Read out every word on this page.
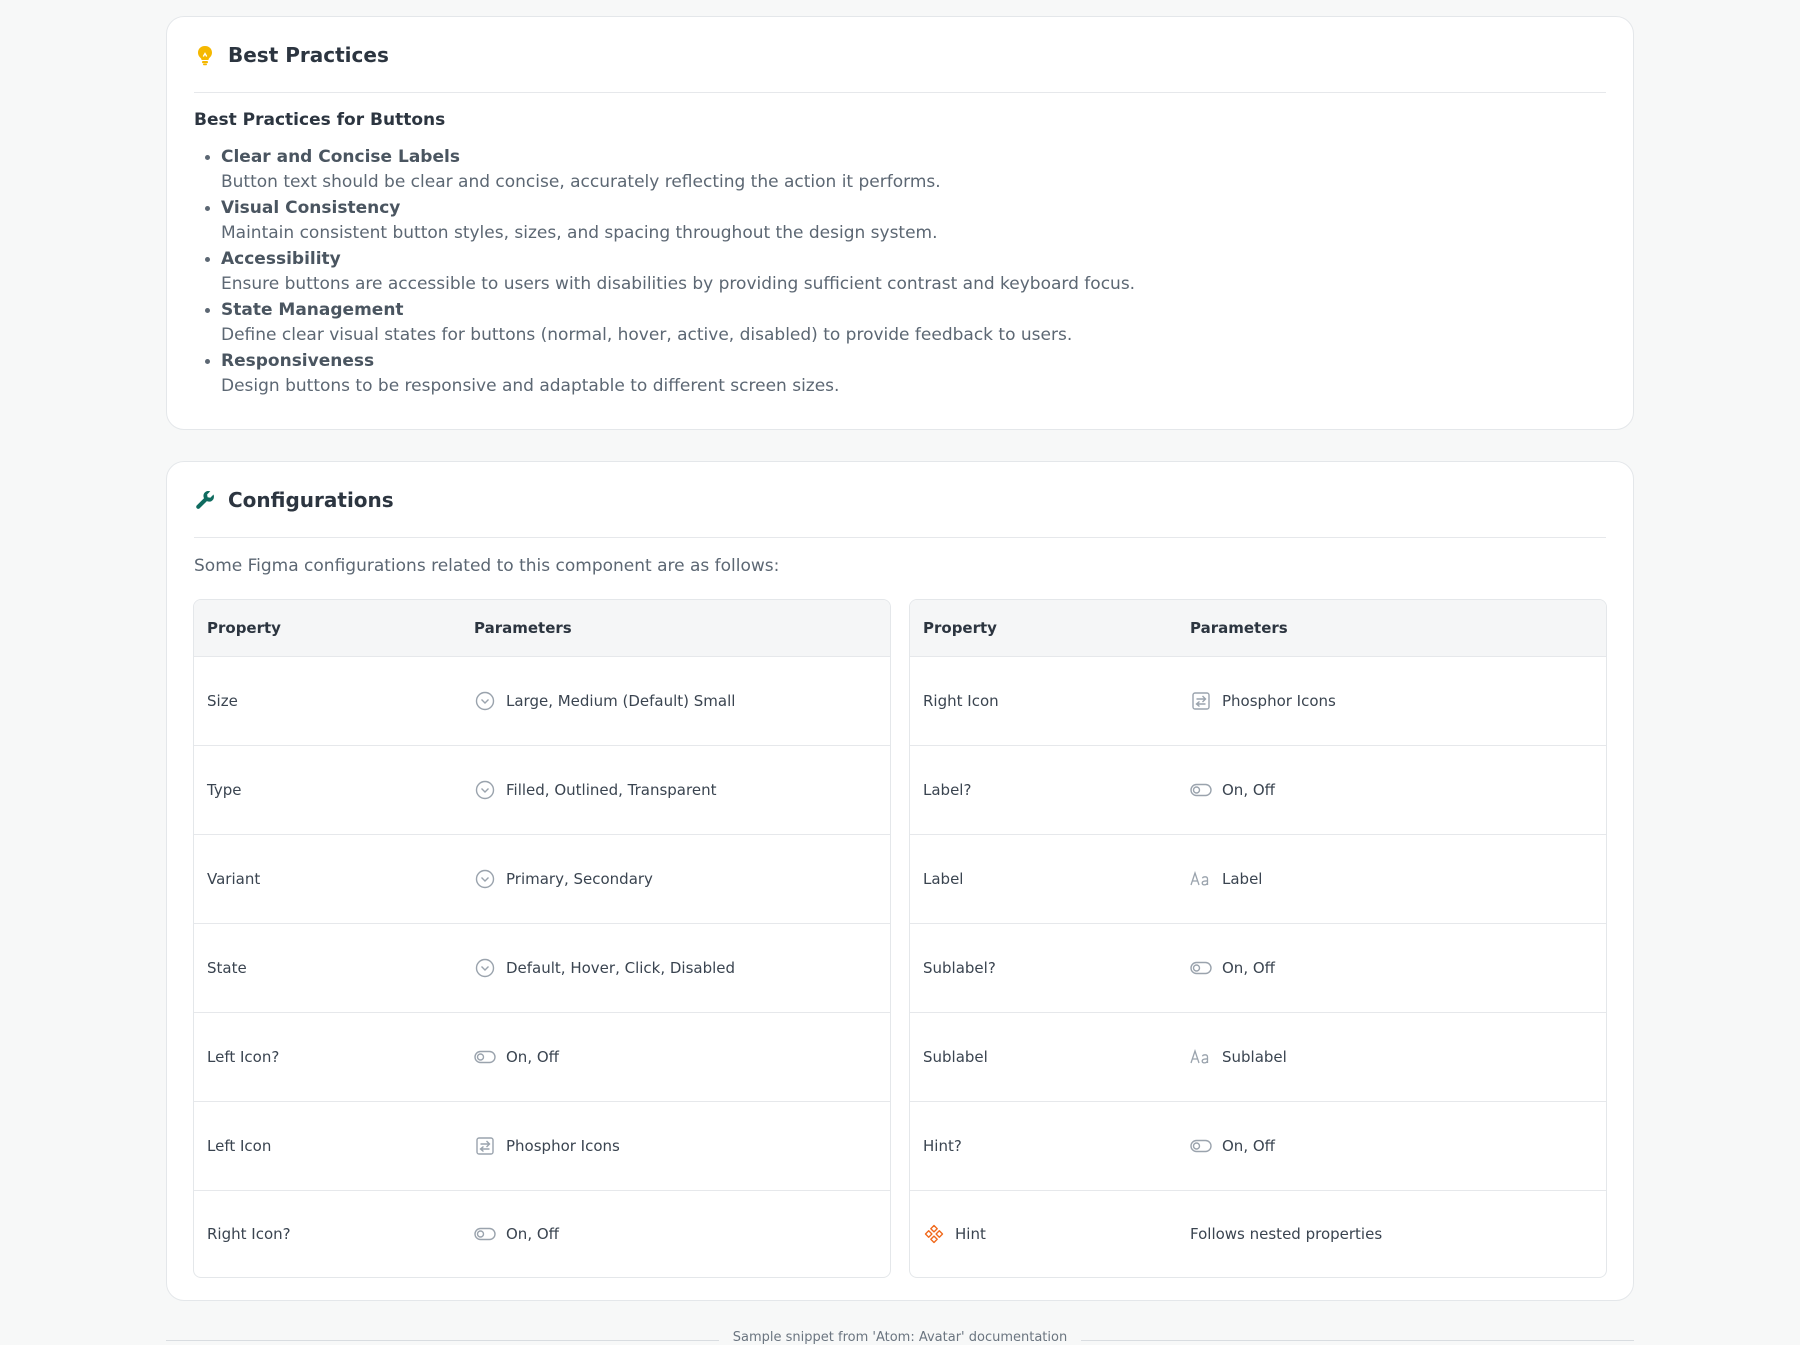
Best Practices
Best Practices for Buttons
Clear and Concise Labels
Button text should be clear and concise, accurately reflecting the action it performs.
Visual Consistency
Maintain consistent button styles, sizes, and spacing throughout the design system.
Accessibility
Ensure buttons are accessible to users with disabilities by providing sufficient contrast and keyboard focus.
State Management
Define clear visual states for buttons (normal, hover, active, disabled) to provide feedback to users.
Responsiveness
Design buttons to be responsive and adaptable to different screen sizes.
Configurations
Some Figma configurations related to this component are as follows:
Property	Parameters
Size	Large, Medium (Default) Small
Type	Filled, Outlined, Transparent
Variant	Primary, Secondary
State	Default, Hover, Click, Disabled
Left Icon?	On, Off
Left Icon	Phosphor Icons
Right Icon?	On, Off
Property	Parameters
Right Icon	Phosphor Icons
Label?	On, Off
Label	Label
Sublabel?	On, Off
Sublabel	Sublabel
Hint?	On, Off
Hint	Follows nested properties
Sample snippet from 'Atom: Avatar' documentation
